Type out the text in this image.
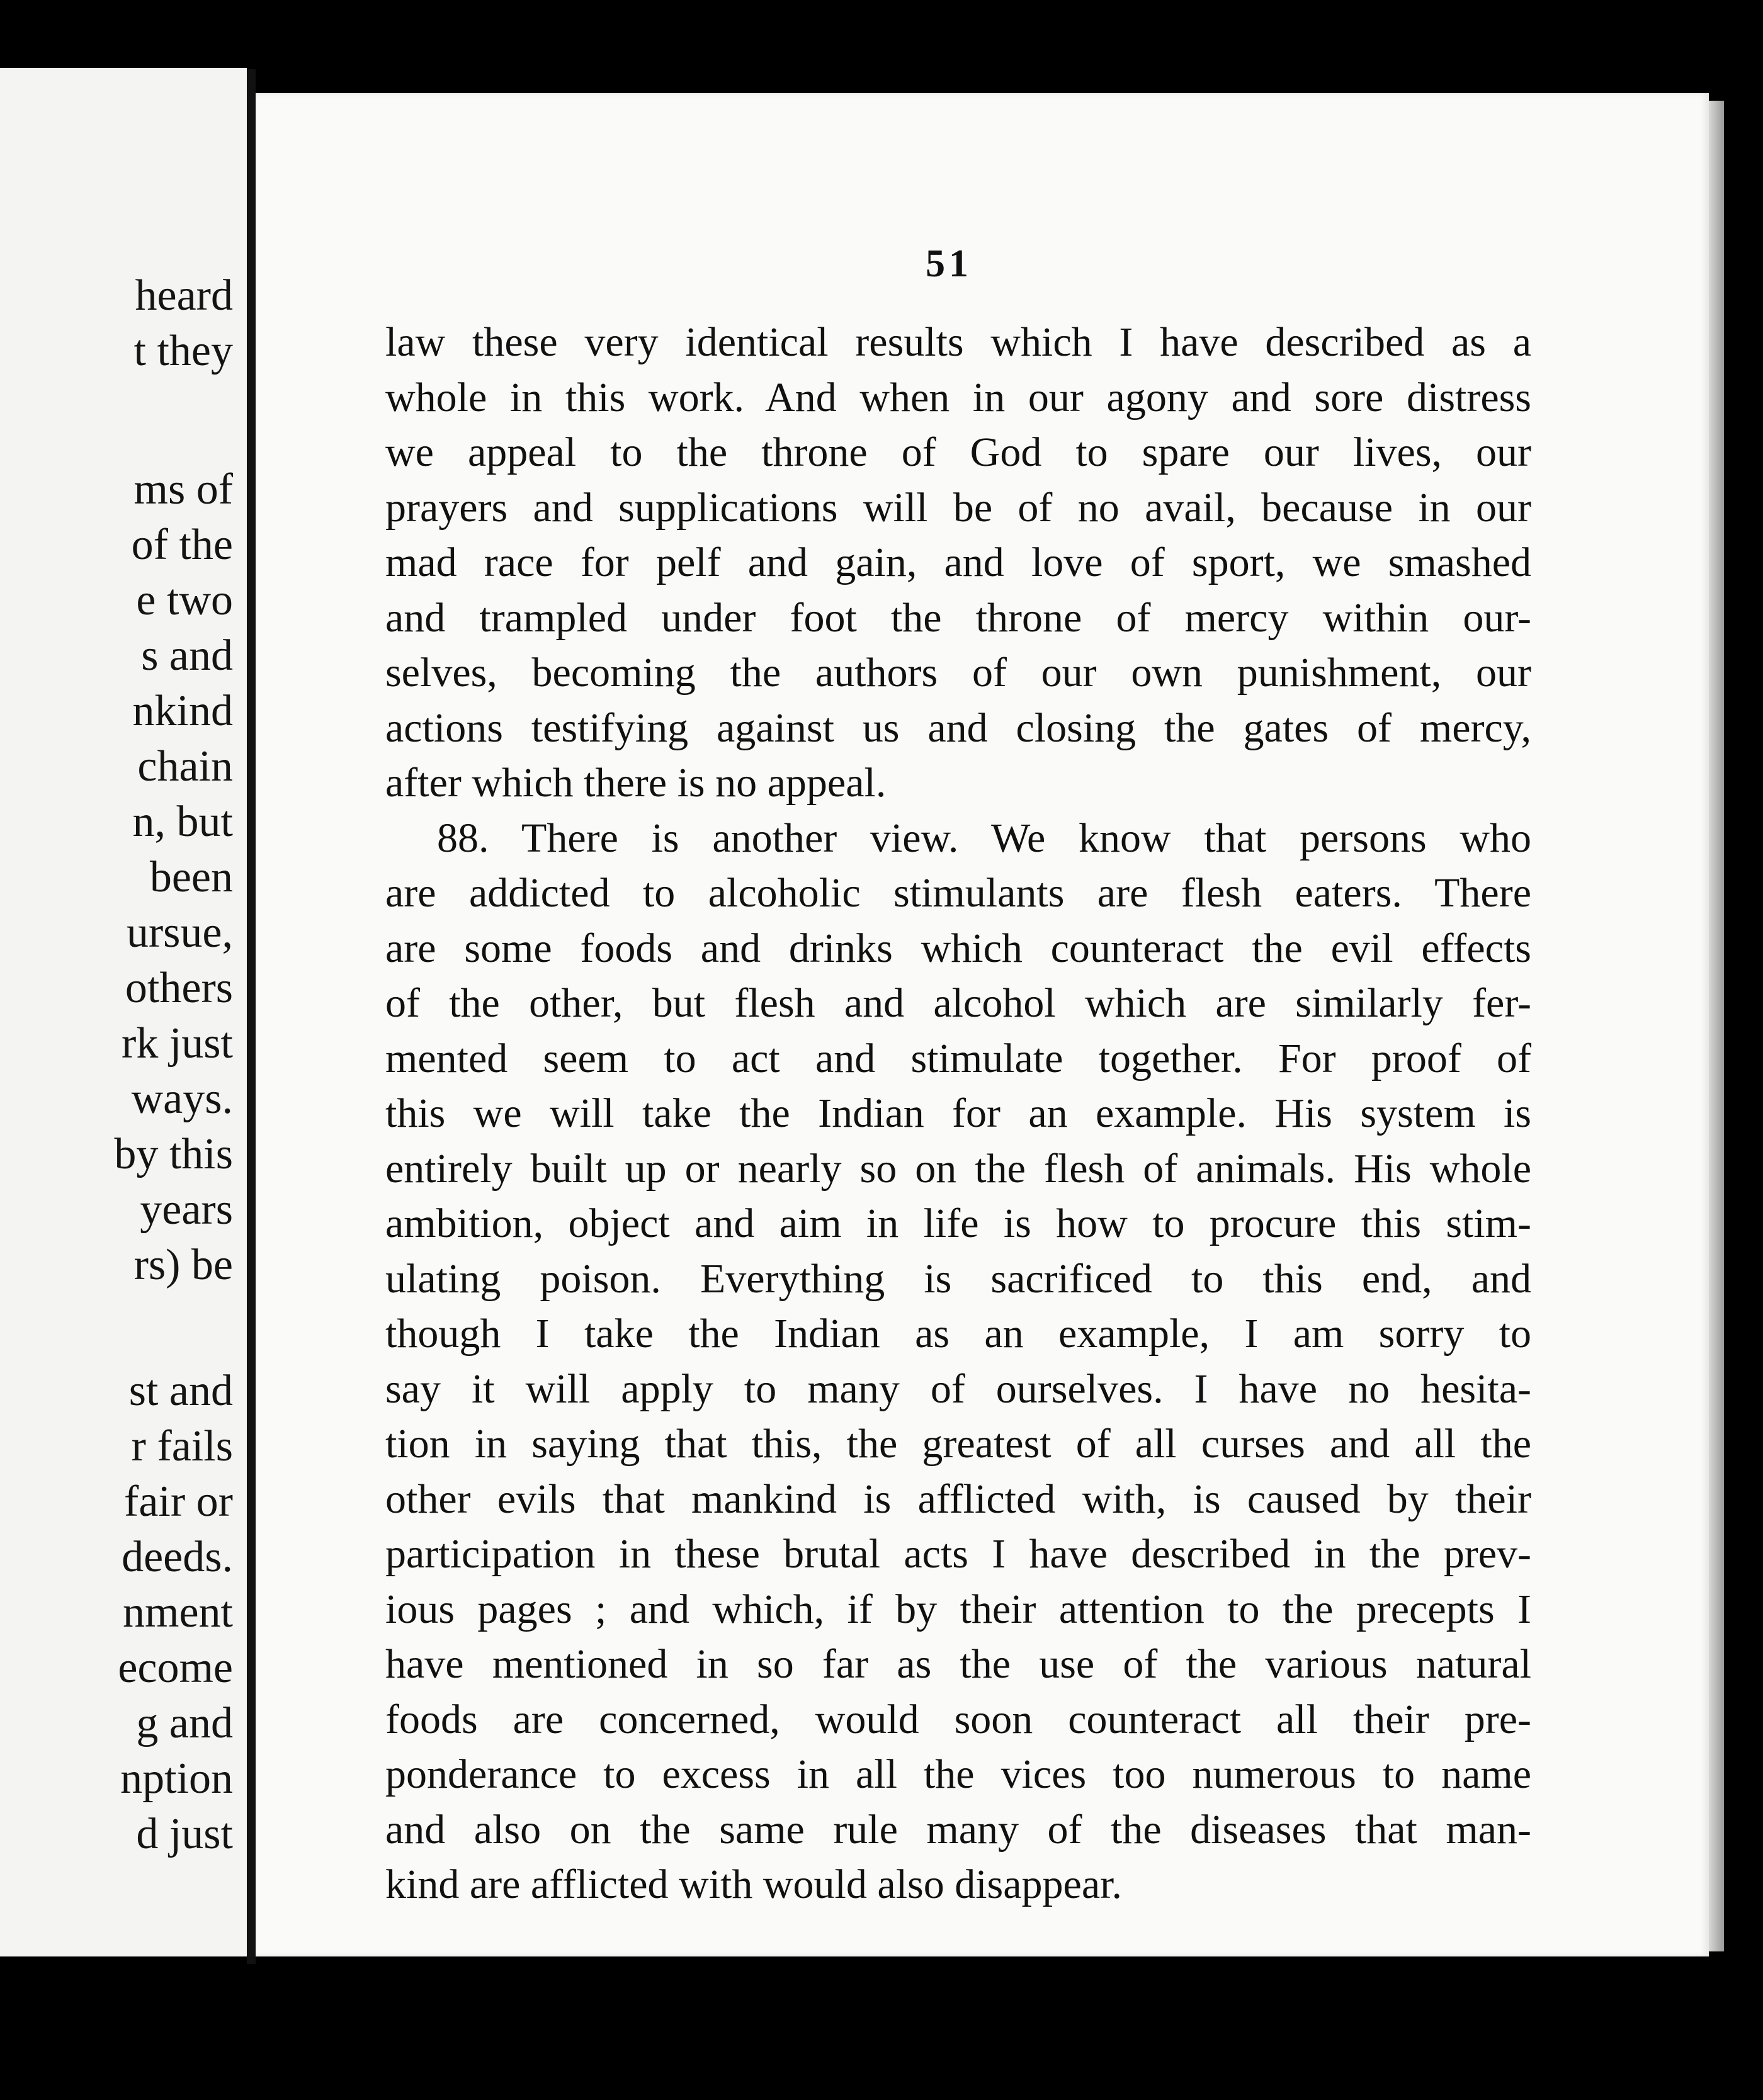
heard
t they
ms of
of the
e two
s and
nkind
chain
n, but
been
ursue,
others
rk just
ways.
by this
years
rs) be
st and
r fails
fair or
deeds.
nment
ecome
g and
nption
d just

51

law these very identical results which I have described as a
whole in this work. And when in our agony and sore distress
we appeal to the throne of God to spare our lives, our
prayers and supplications will be of no avail, because in our
mad race for pelf and gain, and love of sport, we smashed
and trampled under foot the throne of mercy within our-
selves, becoming the authors of our own punishment, our
actions testifying against us and closing the gates of mercy,
after which there is no appeal.

88. There is another view. We know that persons who
are addicted to alcoholic stimulants are flesh eaters. There
are some foods and drinks which counteract the evil effects
of the other, but flesh and alcohol which are similarly fer-
mented seem to act and stimulate together. For proof of
this we will take the Indian for an example. His system is
entirely built up or nearly so on the flesh of animals. His whole
ambition, object and aim in life is how to procure this stim-
ulating poison. Everything is sacrificed to this end, and
though I take the Indian as an example, I am sorry to
say it will apply to many of ourselves. I have no hesita-
tion in saying that this, the greatest of all curses and all the
other evils that mankind is afflicted with, is caused by their
participation in these brutal acts I have described in the prev-
ious pages ; and which, if by their attention to the precepts I
have mentioned in so far as the use of the various natural
foods are concerned, would soon counteract all their pre-
ponderance to excess in all the vices too numerous to name
and also on the same rule many of the diseases that man-
kind are afflicted with would also disappear.
